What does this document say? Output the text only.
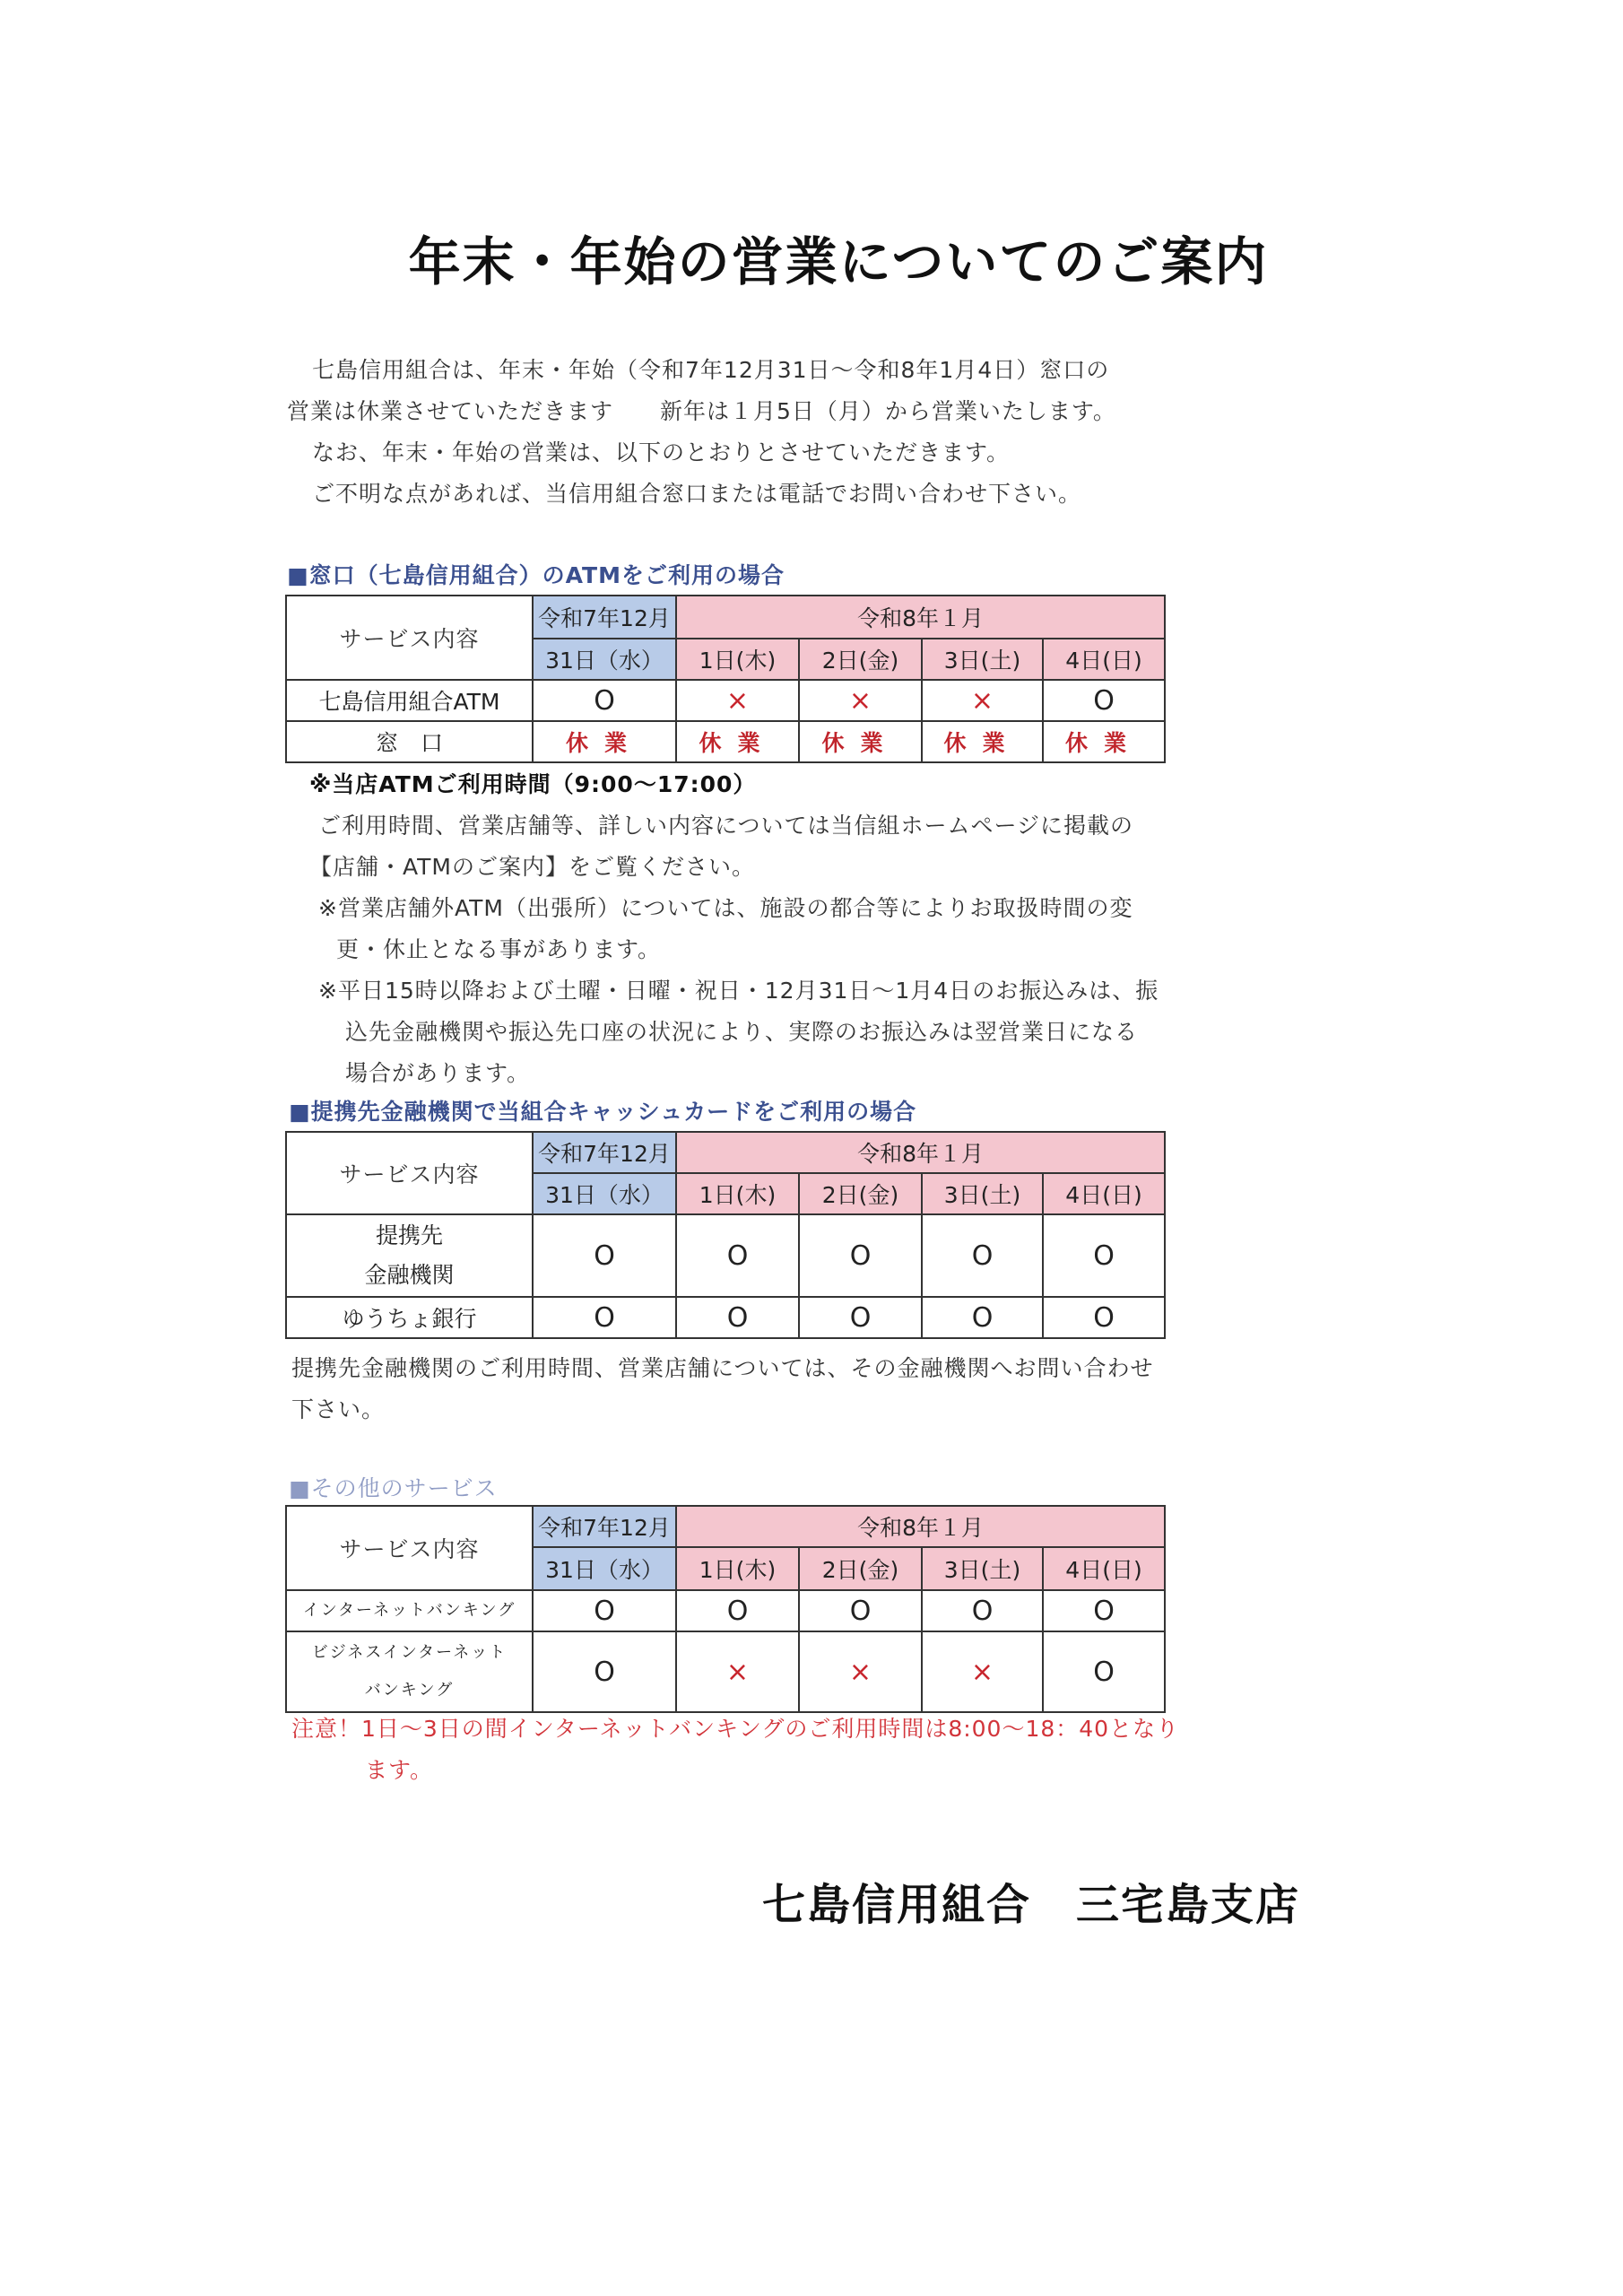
年末・年始の営業についてのご案内

七島信用組合は、年末・年始（令和7年12月31日～令和8年1月4日）窓口の

営業は休業させていただきます　　新年は１月5日（月）から営業いたします。

なお、年末・年始の営業は、以下のとおりとさせていただきます。

ご不明な点があれば、当信用組合窓口または電話でお問い合わせ下さい。

■窓口（七島信用組合）のATMをご利用の場合
サービス内容	令和7年12月	令和8年１月			
	31日（水）	1日(木)	2日(金)	3日(土)	4日(日)
七島信用組合ATM	O	×	×	×	O
窓　口	休業	休業	休業	休業	休業

※当店ATMご利用時間（9:00～17:00）

ご利用時間、営業店舗等、詳しい内容については当信組ホームページに掲載の

【店舗・ATMのご案内】をご覧ください。

※営業店舗外ATM（出張所）については、施設の都合等によりお取扱時間の変

更・休止となる事があります。

※平日15時以降および土曜・日曜・祝日・12月31日～1月4日のお振込みは、振

込先金融機関や振込先口座の状況により、実際のお振込みは翌営業日になる

場合があります。

■提携先金融機関で当組合キャッシュカードをご利用の場合
サービス内容	令和7年12月	令和8年１月			
	31日（水）	1日(木)	2日(金)	3日(土)	4日(日)

提携先
金融機関	O	O	O	O	O
ゆうちょ銀行	O	O	O	O	O

提携先金融機関のご利用時間、営業店舗については、その金融機関へお問い合わせ

下さい。

■その他のサービス
サービス内容	令和7年12月	令和8年１月			
	31日（水）	1日(木)	2日(金)	3日(土)	4日(日)
インターネットバンキング	O	O	O	O	O

ビジネスインターネット
バンキング	O	×	×	×	O

注意！1日～3日の間インターネットバンキングのご利用時間は8:00～18：40となり

ます。

七島信用組合　三宅島支店
